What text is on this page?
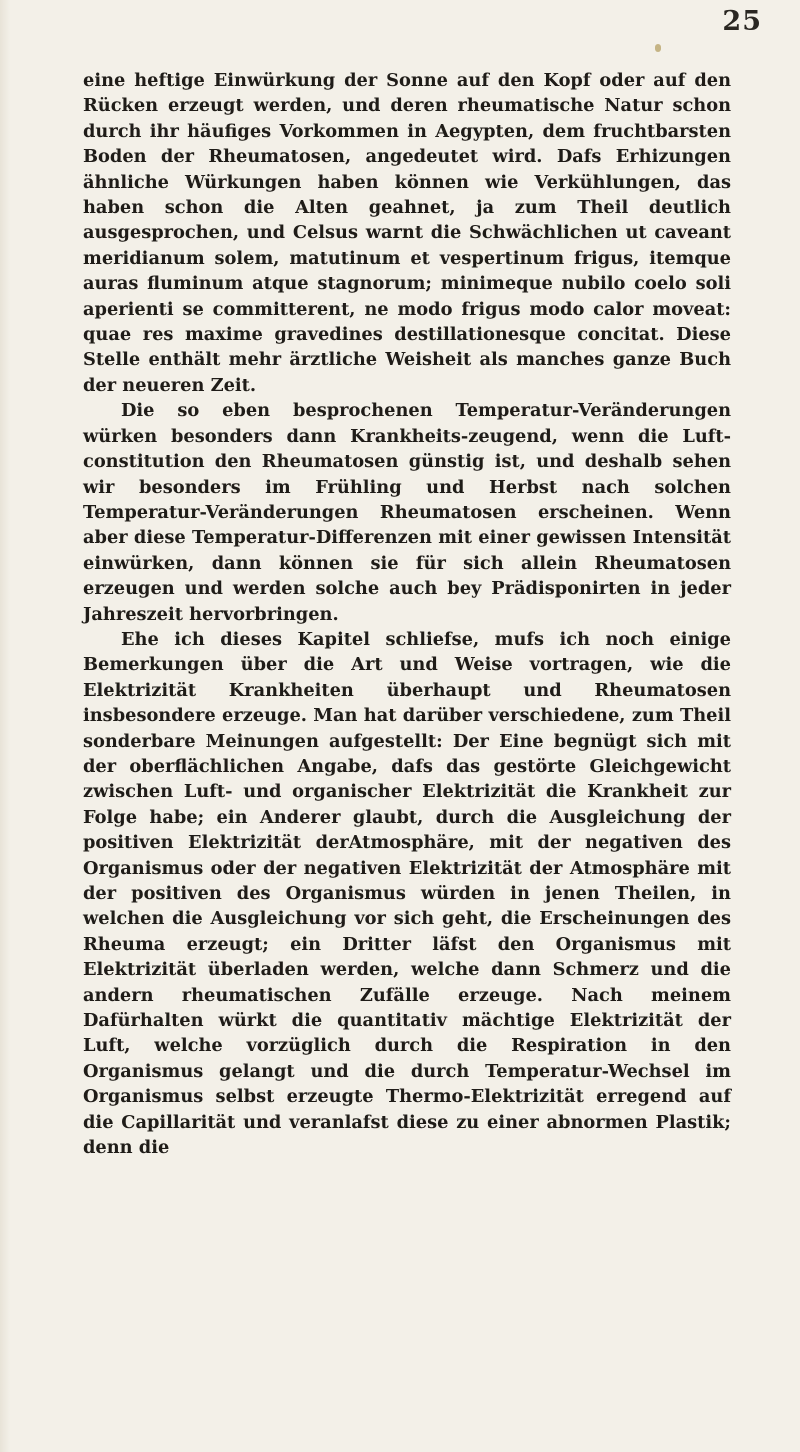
25

eine heftige Einwürkung der Sonne auf den Kopf oder auf den Rücken erzeugt werden, und deren rheumatische Natur schon durch ihr häufiges Vorkommen in Aegypten, dem fruchtbarsten Boden der Rheumatosen, angedeutet wird. Dafs Erhizungen ähnliche Würkungen haben können wie Verkühlungen, das haben schon die Alten geahnet, ja zum Theil deutlich ausgesprochen, und Celsus warnt die Schwächlichen ut caveant meridianum solem, matutinum et vespertinum frigus, itemque auras fluminum atque stagnorum; minimeque nubilo coelo soli aperienti se committerent, ne modo frigus modo calor moveat: quae res maxime gravedines destillationesque concitat. Diese Stelle enthält mehr ärztliche Weisheit als manches ganze Buch der neueren Zeit.

Die so eben besprochenen Temperatur-Veränderungen würken besonders dann Krankheits-zeugend, wenn die Luft-constitution den Rheumatosen günstig ist, und deshalb sehen wir besonders im Frühling und Herbst nach solchen Temperatur-Veränderungen Rheumatosen erscheinen. Wenn aber diese Temperatur-Differenzen mit einer gewissen Intensität einwürken, dann können sie für sich allein Rheumatosen erzeugen und werden solche auch bey Prädisponirten in jeder Jahreszeit hervorbringen.

Ehe ich dieses Kapitel schliefse, mufs ich noch einige Bemerkungen über die Art und Weise vortragen, wie die Elektrizität Krankheiten überhaupt und Rheumatosen insbesondere erzeuge. Man hat darüber verschiedene, zum Theil sonderbare Meinungen aufgestellt: Der Eine begnügt sich mit der oberflächlichen Angabe, dafs das gestörte Gleichgewicht zwischen Luft- und organischer Elektrizität die Krankheit zur Folge habe; ein Anderer glaubt, durch die Ausgleichung der positiven Elektrizität derAtmosphäre, mit der negativen des Organismus oder der negativen Elektrizität der Atmosphäre mit der positiven des Organismus würden in jenen Theilen, in welchen die Ausgleichung vor sich geht, die Erscheinungen des Rheuma erzeugt; ein Dritter läfst den Organismus mit Elektrizität überladen werden, welche dann Schmerz und die andern rheumatischen Zufälle erzeuge. Nach meinem Dafürhalten würkt die quantitativ mächtige Elektrizität der Luft, welche vorzüglich durch die Respiration in den Organismus gelangt und die durch Temperatur-Wechsel im Organismus selbst erzeugte Thermo-Elektrizität erregend auf die Capillarität und veranlafst diese zu einer abnormen Plastik; denn die
